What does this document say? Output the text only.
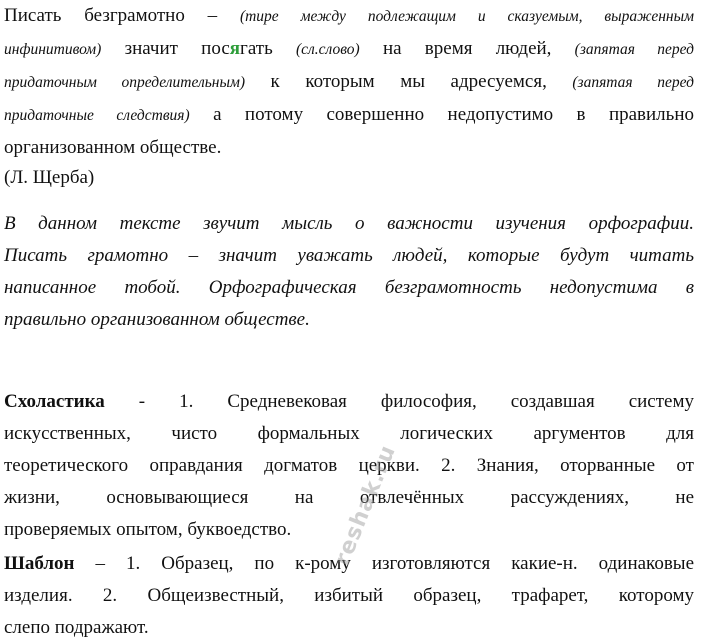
Писать безграмотно – (тире между подлежащим и сказуемым, выраженным
инфинитивом) значит посягать (сл.слово) на время людей, (запятая перед
придаточным определительным) к которым мы адресуемся, (запятая перед
придаточные следствия) а потому совершенно недопустимо в правильно
организованном обществе.
(Л. Щерба)
В данном тексте звучит мысль о важности изучения орфографии.
Писать грамотно – значит уважать людей, которые будут читать
написанное тобой. Орфографическая безграмотность недопустима в
правильно организованном обществе.
Схоластика - 1. Средневековая философия, создавшая систему
искусственных, чисто формальных логических аргументов для
теоретического оправдания догматов церкви. 2. Знания, оторванные от
жизни, основывающиеся на отвлечённых рассуждениях, не
проверяемых опытом, буквоедство.
Шаблон – 1. Образец, по к-рому изготовляются какие-н. одинаковые
изделия. 2. Общеизвестный, избитый образец, трафарет, которому
слепо подражают.
reshak.ru
